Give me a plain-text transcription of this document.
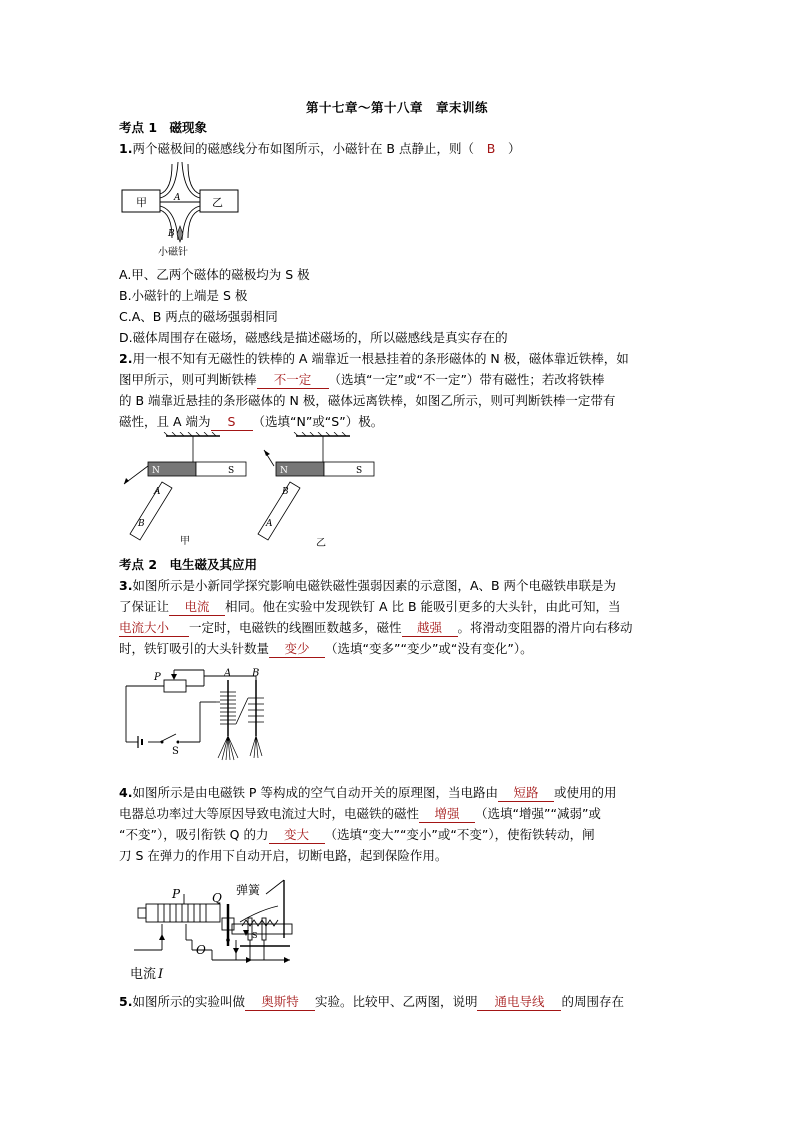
第十七章～第十八章　章末训练
考点 1　磁现象
1.两个磁极间的磁感线分布如图所示，小磁针在 B 点静止，则（ B ）
甲	乙
A
B
小磁针
A.甲、乙两个磁体的磁极均为 S 极
B.小磁针的上端是 S 极
C.A、B 两点的磁场强弱相同
D.磁体周围存在磁场，磁感线是描述磁场的，所以磁感线是真实存在的
2.用一根不知有无磁性的铁棒的 A 端靠近一根悬挂着的条形磁体的 N 极，磁体靠近铁棒，如
图甲所示，则可判断铁棒 不一定 （选填“一定”或“不一定”）带有磁性；若改将铁棒
的 B 端靠近悬挂的条形磁体的 N 极，磁体远离铁棒，如图乙所示，则可判断铁棒一定带有
磁性，且 A 端为 S （选填“N”或“S”）极。
N	S
A
B
甲
N	S
B
A
乙
考点 2　电生磁及其应用
3.如图所示是小新同学探究影响电磁铁磁性强弱因素的示意图，A、B 两个电磁铁串联是为
了保证让 电流 相同。他在实验中发现铁钉 A 比 B 能吸引更多的大头针，由此可知，当
电流大小 一定时，电磁铁的线圈匝数越多，磁性 越强 。将滑动变阻器的滑片向右移动
时，铁钉吸引的大头针数量 变少 （选填“变多”“变少”或“没有变化”）。
P	A B
S
4.如图所示是由电磁铁 P 等构成的空气自动开关的原理图，当电路由 短路 或使用的用
电器总功率过大等原因导致电流过大时，电磁铁的磁性 增强 （选填“增强”“减弱”或
“不变”），吸引衔铁 Q 的力 变大 （选填“变大”“变小”或“不变”），使衔铁转动，闸
刀 S 在弹力的作用下自动开启，切断电路，起到保险作用。
P	Q
弹簧
O
S
电流 I
5.如图所示的实验叫做 奥斯特 实验。比较甲、乙两图，说明 通电导线 的周围存在
